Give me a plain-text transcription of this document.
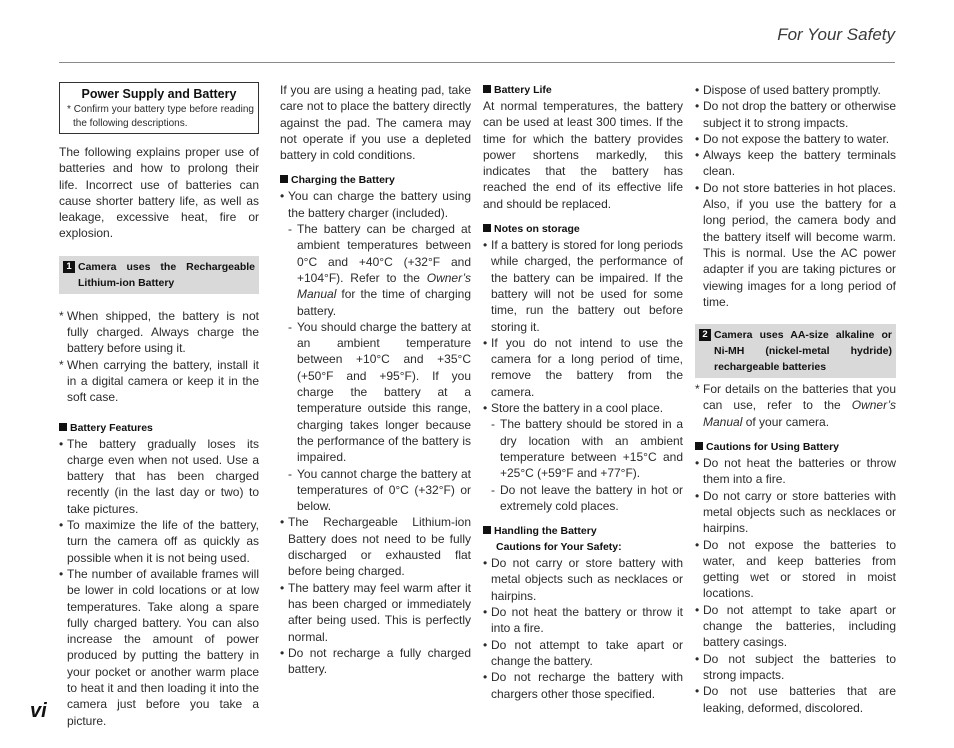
For Your Safety
Power Supply and Battery
* Confirm your battery type before reading the following descriptions.

The following explains proper use of batteries and how to prolong their life. Incorrect use of batteries can cause shorter battery life, as well as leakage, excessive heat, fire or explosion.

1 Camera uses the Rechargeable Lithium-ion Battery
* When shipped, the battery is not fully charged. Always charge the battery before using it.
* When carrying the battery, install it in a digital camera or keep it in the soft case.
Battery Features
• The battery gradually loses its charge even when not used. Use a battery that has been charged recently (in the last day or two) to take pictures.
• To maximize the life of the battery, turn the camera off as quickly as possible when it is not being used.
• The number of available frames will be lower in cold locations or at low temperatures. Take along a spare fully charged battery. You can also increase the amount of power produced by putting the battery in your pocket or another warm place to heat it and then loading it into the camera just before you take a picture.

If you are using a heating pad, take care not to place the battery directly against the pad. The camera may not operate if you use a depleted battery in cold conditions.

Charging the Battery
• You can charge the battery using the battery charger (included).
- The battery can be charged at ambient temperatures between 0°C and +40°C (+32°F and +104°F). Refer to the Owner’s Manual for the time of charging battery.
- You should charge the battery at an ambient temperature between +10°C and +35°C (+50°F and +95°F). If you charge the battery at a temperature outside this range, charging takes longer because the performance of the battery is impaired.
- You cannot charge the battery at temperatures of 0°C (+32°F) or below.
• The Rechargeable Lithium-ion Battery does not need to be fully discharged or exhausted flat before being charged.
• The battery may feel warm after it has been charged or immediately after being used. This is perfectly normal.
• Do not recharge a fully charged battery.
Battery Life

At normal temperatures, the battery can be used at least 300 times. If the time for which the battery provides power shortens markedly, this indicates that the battery has reached the end of its effective life and should be replaced.

Notes on storage
• If a battery is stored for long periods while charged, the performance of the battery can be impaired. If the battery will not be used for some time, run the battery out before storing it.
• If you do not intend to use the camera for a long period of time, remove the battery from the camera.
• Store the battery in a cool place.
- The battery should be stored in a dry location with an ambient temperature between +15°C and +25°C (+59°F and +77°F).
- Do not leave the battery in hot or extremely cold places.
Handling the Battery
Cautions for Your Safety:
• Do not carry or store battery with metal objects such as necklaces or hairpins.
• Do not heat the battery or throw it into a fire.
• Do not attempt to take apart or change the battery.
• Do not recharge the battery with chargers other those specified.
• Dispose of used battery promptly.
• Do not drop the battery or otherwise subject it to strong impacts.
• Do not expose the battery to water.
• Always keep the battery terminals clean.
• Do not store batteries in hot places. Also, if you use the battery for a long period, the camera body and the battery itself will become warm. This is normal. Use the AC power adapter if you are taking pictures or viewing images for a long period of time.
2 Camera uses AA-size alkaline or Ni-MH (nickel-metal hydride) rechargeable batteries
* For details on the batteries that you can use, refer to the Owner’s Manual of your camera.
Cautions for Using Battery
• Do not heat the batteries or throw them into a fire.
• Do not carry or store batteries with metal objects such as necklaces or hairpins.
• Do not expose the batteries to water, and keep batteries from getting wet or stored in moist locations.
• Do not attempt to take apart or change the batteries, including battery casings.
• Do not subject the batteries to strong impacts.
• Do not use batteries that are leaking, deformed, discolored.
vi
